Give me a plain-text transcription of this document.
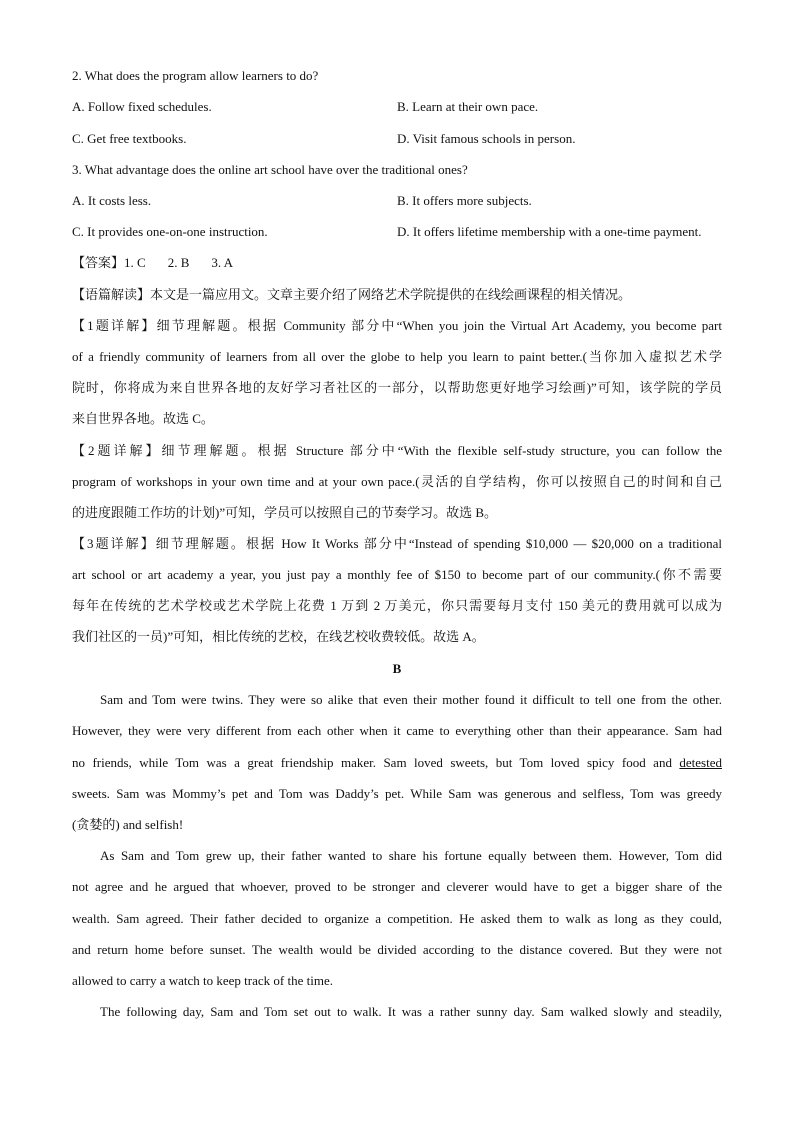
2. What does the program allow learners to do?
A. Follow fixed schedules.	B. Learn at their own pace.
C. Get free textbooks.	D. Visit famous schools in person.
3. What advantage does the online art school have over the traditional ones?
A. It costs less.	B. It offers more subjects.
C. It provides one-on-one instruction.	D. It offers lifetime membership with a one-time payment.
【答案】1. C 2. B 3. A
【语篇解读】本文是一篇应用文。文章主要介绍了网络艺术学院提供的在线绘画课程的相关情况。
【1题详解】细节理解题。根据 Community 部分中“When you join the Virtual Art Academy, you become part
of a friendly community of learners from all over the globe to help you learn to paint better.(当你加入虚拟艺术学
院时，你将成为来自世界各地的友好学习者社区的一部分，以帮助您更好地学习绘画)”可知，该学院的学员
来自世界各地。故选 C。
【2题详解】细节理解题。根据 Structure 部分中“With the flexible self-study structure, you can follow the
program of workshops in your own time and at your own pace.(灵活的自学结构，你可以按照自己的时间和自己
的进度跟随工作坊的计划)”可知，学员可以按照自己的节奏学习。故选 B。
【3题详解】细节理解题。根据 How It Works 部分中“Instead of spending $10,000 — $20,000 on a traditional
art school or art academy a year, you just pay a monthly fee of $150 to become part of our community.(你不需要
每年在传统的艺术学校或艺术学院上花费 1 万到 2 万美元，你只需要每月支付 150 美元的费用就可以成为
我们社区的一员)”可知，相比传统的艺校，在线艺校收费较低。故选 A。
B
Sam and Tom were twins. They were so alike that even their mother found it difficult to tell one from the other.
However, they were very different from each other when it came to everything other than their appearance. Sam had
no friends, while Tom was a great friendship maker. Sam loved sweets, but Tom loved spicy food and detested
sweets. Sam was Mommy’s pet and Tom was Daddy’s pet. While Sam was generous and selfless, Tom was greedy
(贪婪的) and selfish!
As Sam and Tom grew up, their father wanted to share his fortune equally between them. However, Tom did
not agree and he argued that whoever, proved to be stronger and cleverer would have to get a bigger share of the
wealth. Sam agreed. Their father decided to organize a competition. He asked them to walk as long as they could,
and return home before sunset. The wealth would be divided according to the distance covered. But they were not
allowed to carry a watch to keep track of the time.
The following day, Sam and Tom set out to walk. It was a rather sunny day. Sam walked slowly and steadily,
